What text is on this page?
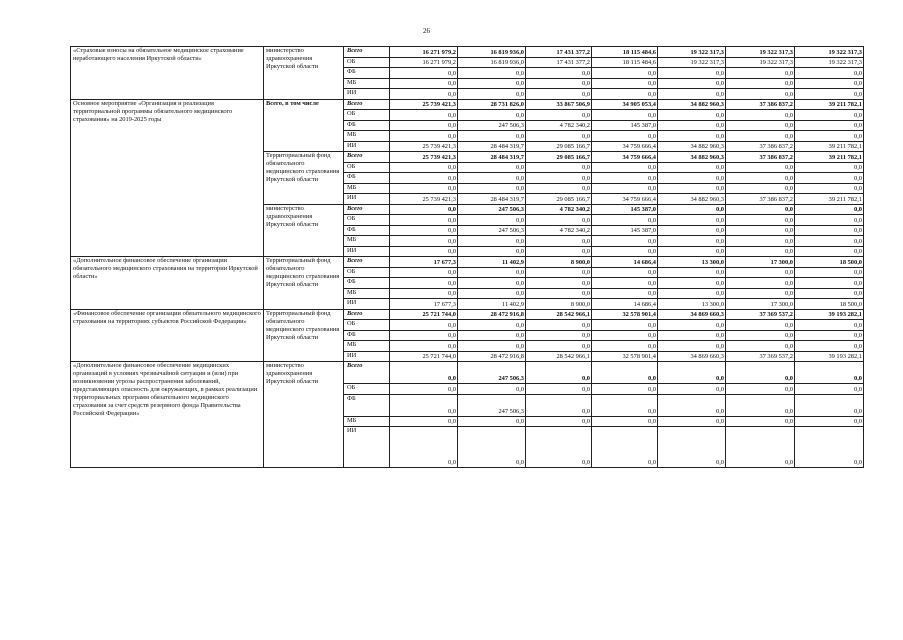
26
«Страховые взносы на обязательное медицинское страхование неработающего населения Иркутской области»	министерство здравоохранения Иркутской области	Всего	16 271 979,2	16 819 936,0	17 431 377,2	18 115 484,6	19 322 317,3	19 322 317,3	19 322 317,3
		ОБ	16 271 979,2	16 819 936,0	17 431 377,2	18 115 484,6	19 322 317,3	19 322 317,3	19 322 317,3
		ФБ	0,0	0,0	0,0	0,0	0,0	0,0	0,0
		МБ	0,0	0,0	0,0	0,0	0,0	0,0	0,0
		ИИ	0,0	0,0	0,0	0,0	0,0	0,0	0,0
Основное мероприятие «Организация и реализация территориальной программы обязательного медицинского страхования» на 2019-2025 годы	Всего, в том числе	Всего	25 739 421,3	28 731 826,0	33 867 506,9	34 905 053,4	34 882 960,3	37 386 837,2	39 211 782,1
		ОБ	0,0	0,0	0,0	0,0	0,0	0,0	0,0
		ФБ	0,0	247 506,3	4 782 340,2	145 387,0	0,0	0,0	0,0
		МБ	0,0	0,0	0,0	0,0	0,0	0,0	0,0
		ИИ	25 739 421,3	28 484 319,7	29 085 166,7	34 759 666,4	34 882 960,3	37 386 837,2	39 211 782,1
	Территориальный фонд обязательного медицинского страхования Иркутской области	Всего	25 739 421,3	28 484 319,7	29 085 166,7	34 759 666,4	34 882 960,3	37 386 837,2	39 211 782,1
		ОБ	0,0	0,0	0,0	0,0	0,0	0,0	0,0
		ФБ	0,0	0,0	0,0	0,0	0,0	0,0	0,0
		МБ	0,0	0,0	0,0	0,0	0,0	0,0	0,0
		ИИ	25 739 421,3	28 484 319,7	29 085 166,7	34 759 666,4	34 882 960,3	37 386 837,2	39 211 782,1
	министерство здравоохранения Иркутской области	Всего	0,0	247 506,3	4 782 340,2	145 387,0	0,0	0,0	0,0
		ОБ	0,0	0,0	0,0	0,0	0,0	0,0	0,0
		ФБ	0,0	247 506,3	4 782 340,2	145 387,0	0,0	0,0	0,0
		МБ	0,0	0,0	0,0	0,0	0,0	0,0	0,0
		ИИ	0,0	0,0	0,0	0,0	0,0	0,0	0,0
«Дополнительное финансовое обеспечение организации обязательного медицинского страхования на территории Иркутской области»	Территориальный фонд обязательного медицинского страхования Иркутской области	Всего	17 677,3	11 402,9	8 900,0	14 686,4	13 300,0	17 300,0	18 500,0
		ОБ	0,0	0,0	0,0	0,0	0,0	0,0	0,0
		ФБ	0,0	0,0	0,0	0,0	0,0	0,0	0,0
		МБ	0,0	0,0	0,0	0,0	0,0	0,0	0,0
		ИИ	17 677,3	11 402,9	8 900,0	14 686,4	13 300,0	17 300,0	18 500,0
«Финансовое обеспечение организации обязательного медицинского страхования на территориях субъектов Российской Федерации»	Территориальный фонд обязательного медицинского страхования Иркутской области	Всего	25 721 744,0	28 472 916,8	28 542 966,1	32 578 901,4	34 869 660,3	37 369 537,2	39 193 282,1
		ОБ	0,0	0,0	0,0	0,0	0,0	0,0	0,0
		ФБ	0,0	0,0	0,0	0,0	0,0	0,0	0,0
		МБ	0,0	0,0	0,0	0,0	0,0	0,0	0,0
		ИИ	25 721 744,0	28 472 916,8	28 542 966,1	32 578 901,4	34 869 660,3	37 369 537,2	39 193 282,1
«Дополнительное финансовое обеспечение медицинских организаций в условиях чрезвычайной ситуации и (или) при возникновении угрозы распространения заболеваний, представляющих опасность для окружающих, в рамках реализации территориальных программ обязательного медицинского страхования за счет средств резервного фонда Правительства Российской Федерации»	министерство здравоохранения Иркутской области	Всего	0,0	247 506,3	0,0	0,0	0,0	0,0	0,0
		ОБ	0,0	0,0	0,0	0,0	0,0	0,0	0,0
		ФБ	0,0	247 506,3	0,0	0,0	0,0	0,0	0,0
		МБ	0,0	0,0	0,0	0,0	0,0	0,0	0,0
		ИИ	0,0	0,0	0,0	0,0	0,0	0,0	0,0
